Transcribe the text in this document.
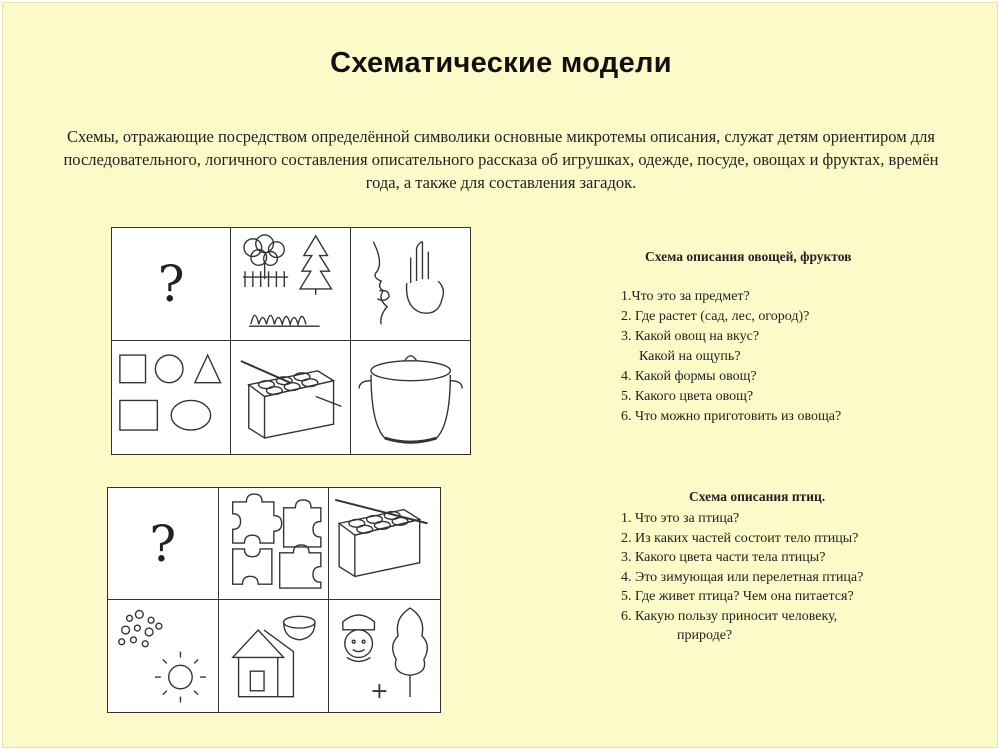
Схематические модели
Схемы, отражающие посредством определённой символики основные микротемы описания, служат детям ориентиром для последовательного, логичного составления описательного рассказа об игрушках, одежде, посуде, овощах и фруктах, времён года, а также для составления загадок.
?	Схема описания овощей, фруктов
1.Что это за предмет?
2. Где растет (сад, лес, огород)?
3. Какой овощ на вкус?
Какой на ощупь?
4. Какой формы овощ?
5. Какого цвета овощ?
6. Что можно приготовить из овоща?
?
Схема описания птиц.
1. Что это за птица?
2. Из каких частей состоит тело птицы?
3. Какого цвета части тела птицы?
4. Это зимующая или перелетная птица?
5. Где живет птица? Чем она питается?
6. Какую пользу приносит человеку,
природе?
